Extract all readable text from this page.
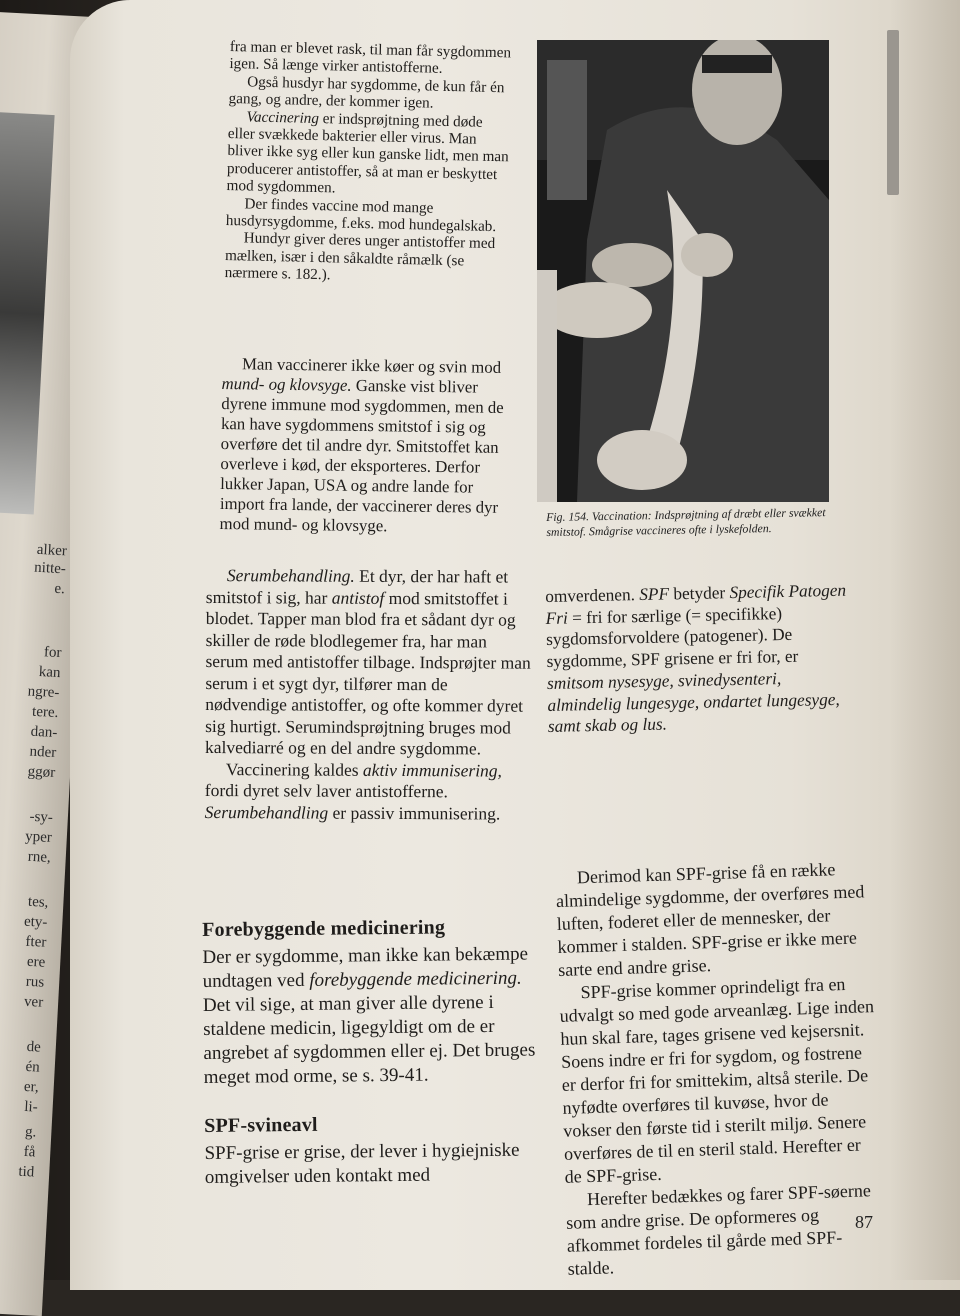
alker
nitte-
e.
for
kan
ngre-
tere.
dan-
nder
ggør
-sy-
yper
rne,
tes,
ety-
fter
ere
rus
ver
de
én
er,
li-
g.
få
tid

fra man er blevet rask, til man får sygdommen igen. Så længe virker antistofferne.

Også husdyr har sygdomme, de kun får én gang, og andre, der kommer igen.

Vaccinering er indsprøjtning med døde eller svækkede bakterier eller virus. Man bliver ikke syg eller kun ganske lidt, men man producerer antistoffer, så at man er beskyttet mod sygdommen.

Der findes vaccine mod mange husdyrsygdomme, f.eks. mod hundegalskab.

Hundyr giver deres unger antistoffer med mælken, især i den såkaldte råmælk (se nærmere s. 182.).

Man vaccinerer ikke køer og svin mod mund- og klovsyge. Ganske vist bliver dyrene immune mod sygdommen, men de kan have sygdommens smitstof i sig og overføre det til andre dyr. Smitstoffet kan overleve i kød, der eksporteres. Derfor lukker Japan, USA og andre lande for import fra lande, der vaccinerer deres dyr mod mund- og klovsyge.

Serumbehandling. Et dyr, der har haft et smitstof i sig, har antistof mod smitstoffet i blodet. Tapper man blod fra et sådant dyr og skiller de røde blodlegemer fra, har man serum med antistoffer tilbage. Indsprøjter man serum i et sygt dyr, tilfører man de nødvendige antistoffer, og ofte kommer dyret sig hurtigt. Serumindsprøjtning bruges mod kalvediarré og en del andre sygdomme.

Vaccinering kaldes aktiv immunisering, fordi dyret selv laver antistofferne. Serumbehandling er passiv immunisering.

Forebyggende medicinering

Der er sygdomme, man ikke kan bekæmpe undtagen ved forebyggende medicinering. Det vil sige, at man giver alle dyrene i staldene medicin, ligegyldigt om de er angrebet af sygdommen eller ej. Det bruges meget mod orme, se s. 39-41.

SPF-svineavl

SPF-grise er grise, der lever i hygiejniske omgivelser uden kontakt med

Fig. 154. Vaccination: Indsprøjtning af dræbt eller svækket smitstof. Smågrise vaccineres ofte i lyskefolden.

omverdenen. SPF betyder Specifik Patogen Fri = fri for særlige (= specifikke) sygdomsforvoldere (patogener). De sygdomme, SPF grisene er fri for, er smitsom nysesyge, svinedysenteri, almindelig lungesyge, ondartet lungesyge, samt skab og lus.

Derimod kan SPF-grise få en række almindelige sygdomme, der overføres med luften, foderet eller de mennesker, der kommer i stalden. SPF-grise er ikke mere sarte end andre grise.

SPF-grise kommer oprindeligt fra en udvalgt so med gode arveanlæg. Lige inden hun skal fare, tages grisene ved kejsersnit. Soens indre er fri for sygdom, og fostrene er derfor fri for smittekim, altså sterile. De nyfødte overføres til kuvøse, hvor de vokser den første tid i sterilt miljø. Senere overføres de til en steril stald. Herefter er de SPF-grise.

Herefter bedækkes og farer SPF-søerne som andre grise. De opformeres og afkommet fordeles til gårde med SPF-stalde.

87
